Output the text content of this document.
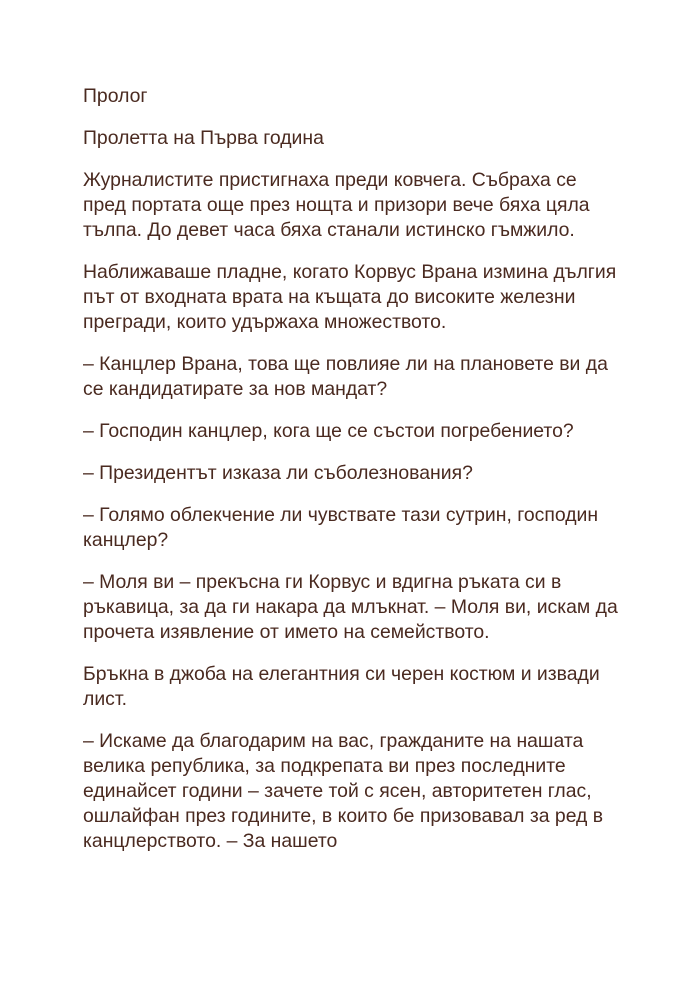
Пролог

Пролетта на Първа година

Журналистите пристигнаха преди ковчега. Събраха се пред портата още през нощта и призори вече бяха цяла тълпа. До девет часа бяха станали истинско гъмжило.

Наближаваше пладне, когато Корвус Врана измина дългия път от входната врата на къщата до високите железни прегради, които удържаха множеството.

– Канцлер Врана, това ще повлияе ли на плановете ви да се кандидатирате за нов мандат?

– Господин канцлер, кога ще се състои погребението?

– Президентът изказа ли съболезнования?

– Голямо облекчение ли чувствате тази сутрин, господин канцлер?

– Моля ви – прекъсна ги Корвус и вдигна ръката си в ръкавица, за да ги накара да млъкнат. – Моля ви, искам да прочета изявление от името на семейството.

Бръкна в джоба на елегантния си черен костюм и извади лист.

– Искаме да благодарим на вас, гражданите на нашата велика република, за подкрепата ви през последните единайсет години – зачете той с ясен, авторитетен глас, ошлайфан през годините, в които бе призовавал за ред в канцлерството. – За нашето
